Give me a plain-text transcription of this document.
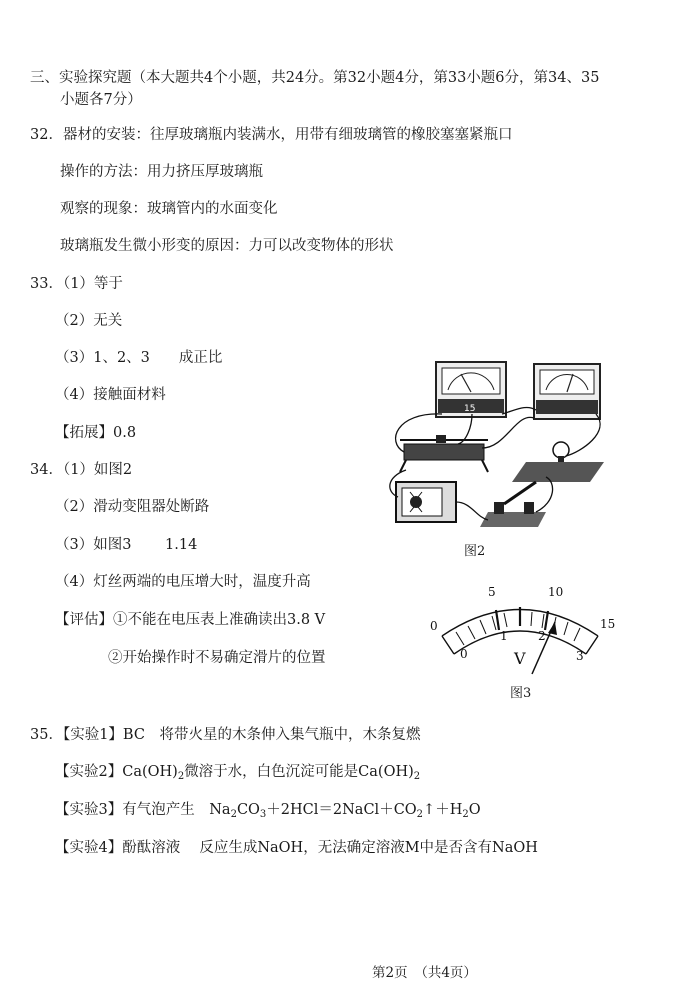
三、实验探究题（本大题共4个小题，共24分。第32小题4分，第33小题6分，第34、35
小题各7分）
32．器材的安装：往厚玻璃瓶内装满水，用带有细玻璃管的橡胶塞塞紧瓶口
操作的方法：用力挤压厚玻璃瓶
观察的现象：玻璃管内的水面变化
玻璃瓶发生微小形变的原因：力可以改变物体的形状
33．（1）等于
（2）无关
（3）1、2、3　　成正比
（4）接触面材料
【拓展】0.8
34．（1）如图2
（2）滑动变阻器处断路
（3）如图3　　 1.14
（4）灯丝两端的电压增大时，温度升高
【评估】①不能在电压表上准确读出3.8 V
②开始操作时不易确定滑片的位置
15
图2
0
5	10
15
0
1	2
3
V
图3
35．【实验1】BC　将带火星的木条伸入集气瓶中，木条复燃
【实验2】$Ca(OH)_2$微溶于水，白色沉淀可能是$Ca(OH)_2$
【实验3】有气泡产生　$Na_2CO_3+2HCl=2NaCl+CO_2↑+H_2O$
【实验4】酚酞溶液　 反应生成NaOH，无法确定溶液M中是否含有NaOH
第2页　（共4页）
